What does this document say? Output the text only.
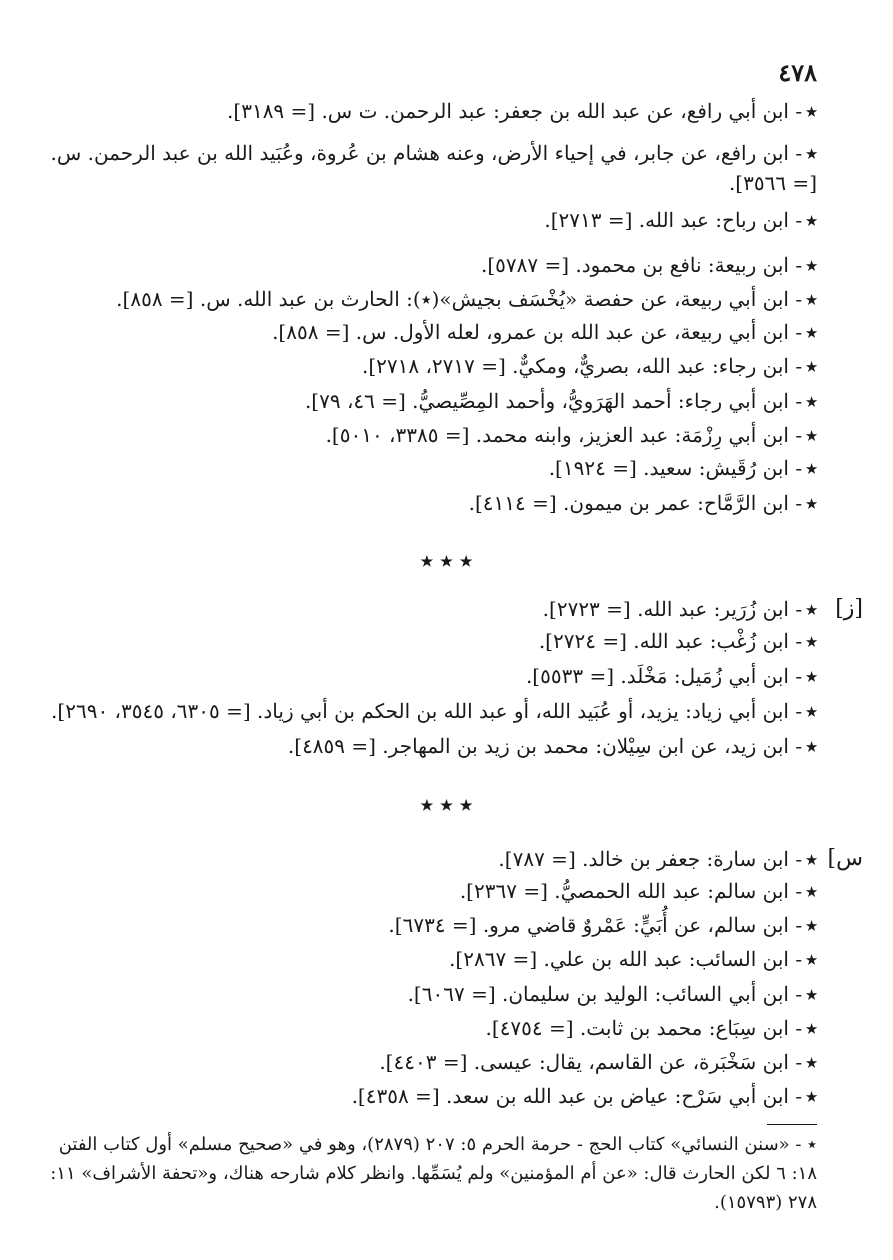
٤٧٨
٭- ابن أبي رافع، عن عبد الله بن جعفر: عبد الرحمن. ت س. [= ٣١٨٩].
٭- ابن رافع، عن جابر، في إحياء الأرض، وعنه هشام بن عُروة، وعُبَيد الله بن عبد الرحمن. س. [= ٣٥٦٦].
٭- ابن رباح: عبد الله. [= ٢٧١٣].
٭- ابن ربيعة: نافع بن محمود. [= ٥٧٨٧].
٭- ابن أبي ربيعة، عن حفصة «يُخْسَف بجيش»(٭): الحارث بن عبد الله. س. [= ٨٥٨].
٭- ابن أبي ربيعة، عن عبد الله بن عمرو، لعله الأول. س. [= ٨٥٨].
٭- ابن رجاء: عبد الله، بصريٌّ، ومكيٌّ. [= ٢٧١٧، ٢٧١٨].
٭- ابن أبي رجاء: أحمد الهَرَويُّ، وأحمد المِصِّيصيُّ. [= ٤٦، ٧٩].
٭- ابن أبي رِزْمَة: عبد العزيز، وابنه محمد. [= ٣٣٨٥، ٥٠١٠].
٭- ابن رُقَيش: سعيد. [= ١٩٢٤].
٭- ابن الرَّمَّاح: عمر بن ميمون. [= ٤١١٤].
٭ ٭ ٭
[ز]
٭- ابن زُرَير: عبد الله. [= ٢٧٢٣].
٭- ابن زُغْب: عبد الله. [= ٢٧٢٤].
٭- ابن أبي زُمَيل: مَخْلَد. [= ٥٥٣٣].
٭- ابن أبي زياد: يزيد، أو عُبَيد الله، أو عبد الله بن الحكم بن أبي زياد. [= ٦٣٠٥، ٣٥٤٥، ٢٦٩٠].
٭- ابن زيد، عن ابن سِيْلان: محمد بن زيد بن المهاجر. [= ٤٨٥٩].
٭ ٭ ٭
س]
٭- ابن سارة: جعفر بن خالد. [= ٧٨٧].
٭- ابن سالم: عبد الله الحمصيُّ. [= ٢٣٦٧].
٭- ابن سالم، عن أُبَيٍّ: عَمْروٌ قاضي مرو. [= ٦٧٣٤].
٭- ابن السائب: عبد الله بن علي. [= ٢٨٦٧].
٭- ابن أبي السائب: الوليد بن سليمان. [= ٦٠٦٧].
٭- ابن سِبَاع: محمد بن ثابت. [= ٤٧٥٤].
٭- ابن سَخْبَرة، عن القاسم، يقال: عيسى. [= ٤٤٠٣].
٭- ابن أبي سَرْح: عياض بن عبد الله بن سعد. [= ٤٣٥٨].
٭ - «سنن النسائي» كتاب الحج - حرمة الحرم ٥: ٢٠٧ (٢٨٧٩)، وهو في «صحيح مسلم» أول كتاب الفتن ١٨: ٦ لكن الحارث قال: «عن أم المؤمنين» ولم يُسَمِّها. وانظر كلام شارحه هناك، و«تحفة الأشراف» ١١: ٢٧٨ (١٥٧٩٣).
